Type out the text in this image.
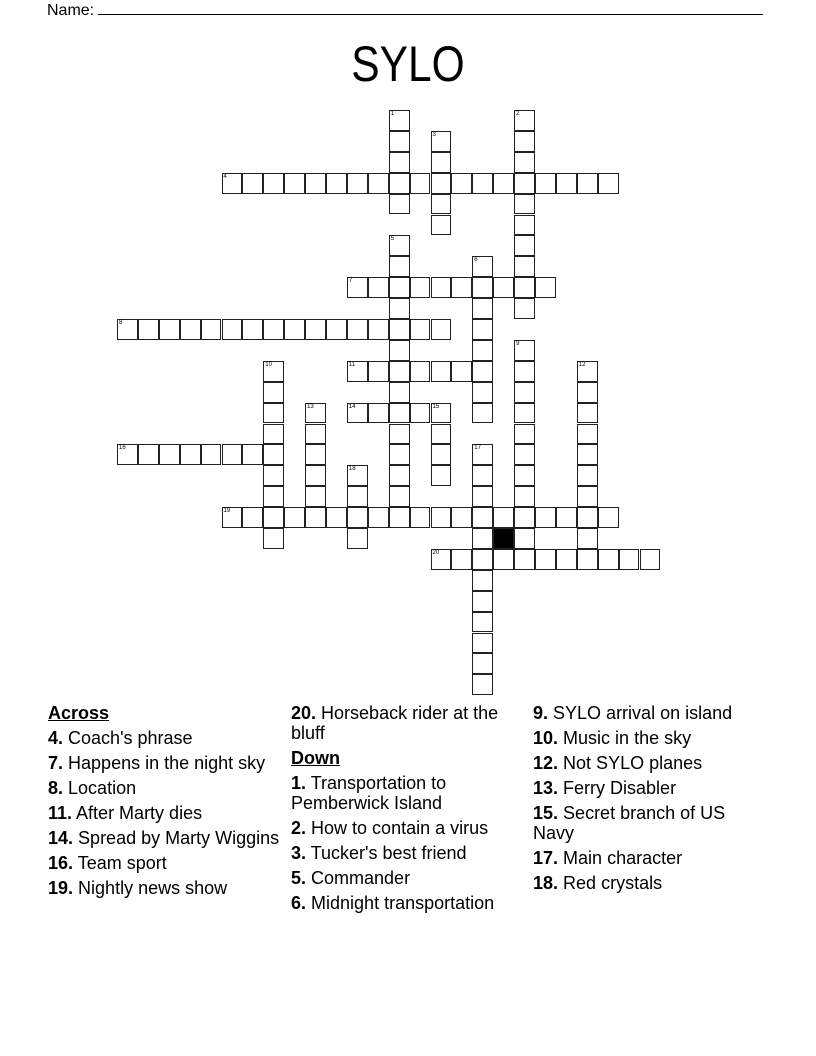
Name:
SYLO
1	2
3
4
5
6
7
8
9
10	11	12
13	14	15
16	17
18
19
20
Across
4. Coach's phrase
7. Happens in the night sky
8. Location
11. After Marty dies
14. Spread by Marty Wiggins
16. Team sport
19. Nightly news show
20. Horseback rider at the bluff
Down
1. Transportation to Pemberwick Island
2. How to contain a virus
3. Tucker's best friend
5. Commander
6. Midnight transportation
9. SYLO arrival on island
10. Music in the sky
12. Not SYLO planes
13. Ferry Disabler
15. Secret branch of US Navy
17. Main character
18. Red crystals
